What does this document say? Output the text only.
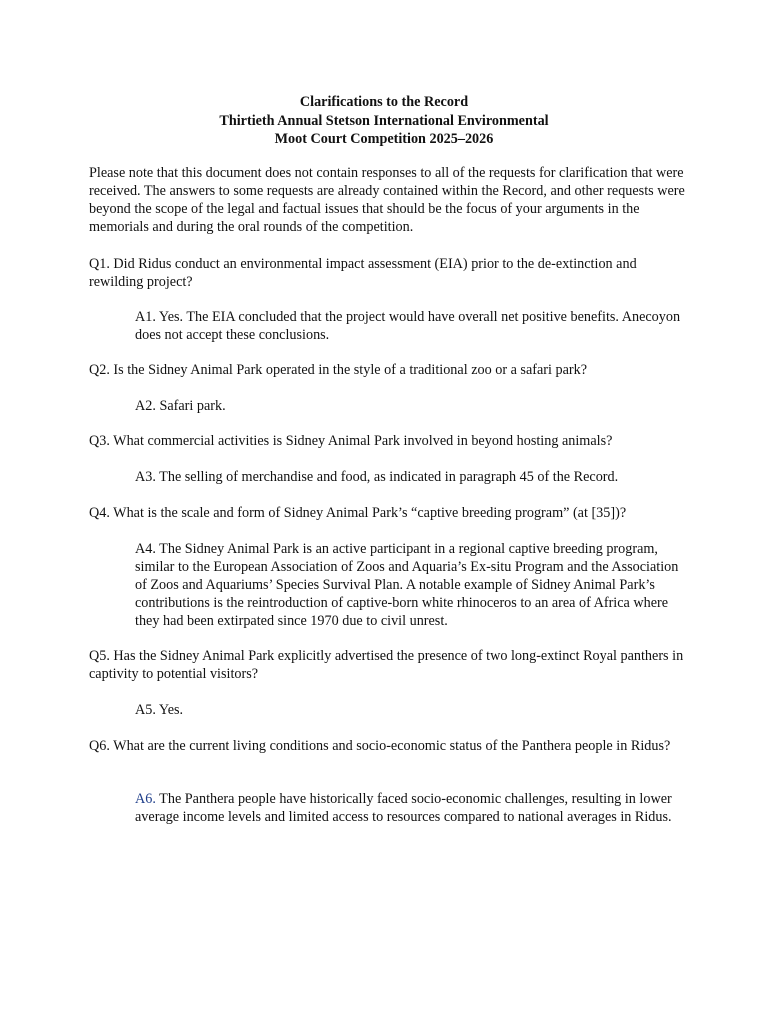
Clarifications to the Record
Thirtieth Annual Stetson International Environmental
Moot Court Competition 2025–2026

Please note that this document does not contain responses to all of the requests for clarification that were received. The answers to some requests are already contained within the Record, and other requests were beyond the scope of the legal and factual issues that should be the focus of your arguments in the memorials and during the oral rounds of the competition.

Q1. Did Ridus conduct an environmental impact assessment (EIA) prior to the de-extinction and rewilding project?

A1. Yes. The EIA concluded that the project would have overall net positive benefits. Anecoyon does not accept these conclusions.

Q2. Is the Sidney Animal Park operated in the style of a traditional zoo or a safari park?

A2. Safari park.

Q3. What commercial activities is Sidney Animal Park involved in beyond hosting animals?

A3. The selling of merchandise and food, as indicated in paragraph 45 of the Record.

Q4. What is the scale and form of Sidney Animal Park’s “captive breeding program” (at [35])?

A4. The Sidney Animal Park is an active participant in a regional captive breeding program, similar to the European Association of Zoos and Aquaria’s Ex-situ Program and the Association of Zoos and Aquariums’ Species Survival Plan. A notable example of Sidney Animal Park’s contributions is the reintroduction of captive-born white rhinoceros to an area of Africa where they had been extirpated since 1970 due to civil unrest.

Q5. Has the Sidney Animal Park explicitly advertised the presence of two long-extinct Royal panthers in captivity to potential visitors?

A5. Yes.

Q6. What are the current living conditions and socio-economic status of the Panthera people in Ridus?

A6. The Panthera people have historically faced socio-economic challenges, resulting in lower average income levels and limited access to resources compared to national averages in Ridus.
